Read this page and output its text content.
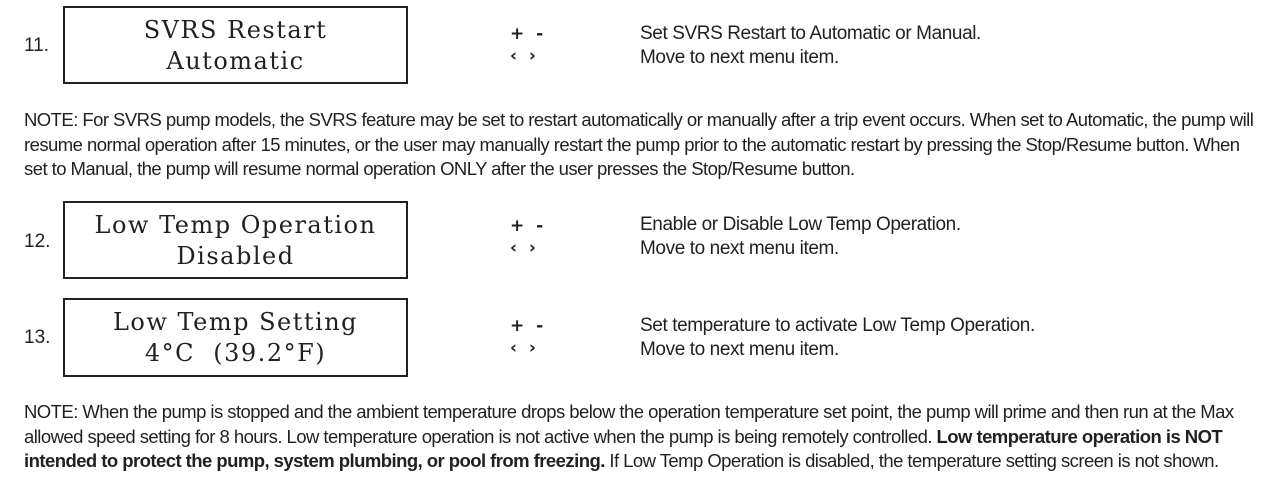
11.
SVRS Restart
Automatic
+ -
‹ ›
Set SVRS Restart to Automatic or Manual.
Move to next menu item.
NOTE: For SVRS pump models, the SVRS feature may be set to restart automatically or manually after a trip event occurs. When set to Automatic, the pump will resume normal operation after 15 minutes, or the user may manually restart the pump prior to the automatic restart by pressing the Stop/Resume button. When set to Manual, the pump will resume normal operation ONLY after the user presses the Stop/Resume button.
12.
Low Temp Operation
Disabled
+ -
‹ ›
Enable or Disable Low Temp Operation.
Move to next menu item.
13.
Low Temp Setting
4°C  (39.2°F)
+ -
‹ ›
Set temperature to activate Low Temp Operation.
Move to next menu item.
NOTE: When the pump is stopped and the ambient temperature drops below the operation temperature set point, the pump will prime and then run at the Max allowed speed setting for 8 hours. Low temperature operation is not active when the pump is being remotely controlled. Low temperature operation is NOT intended to protect the pump, system plumbing, or pool from freezing. If Low Temp Operation is disabled, the temperature setting screen is not shown.
